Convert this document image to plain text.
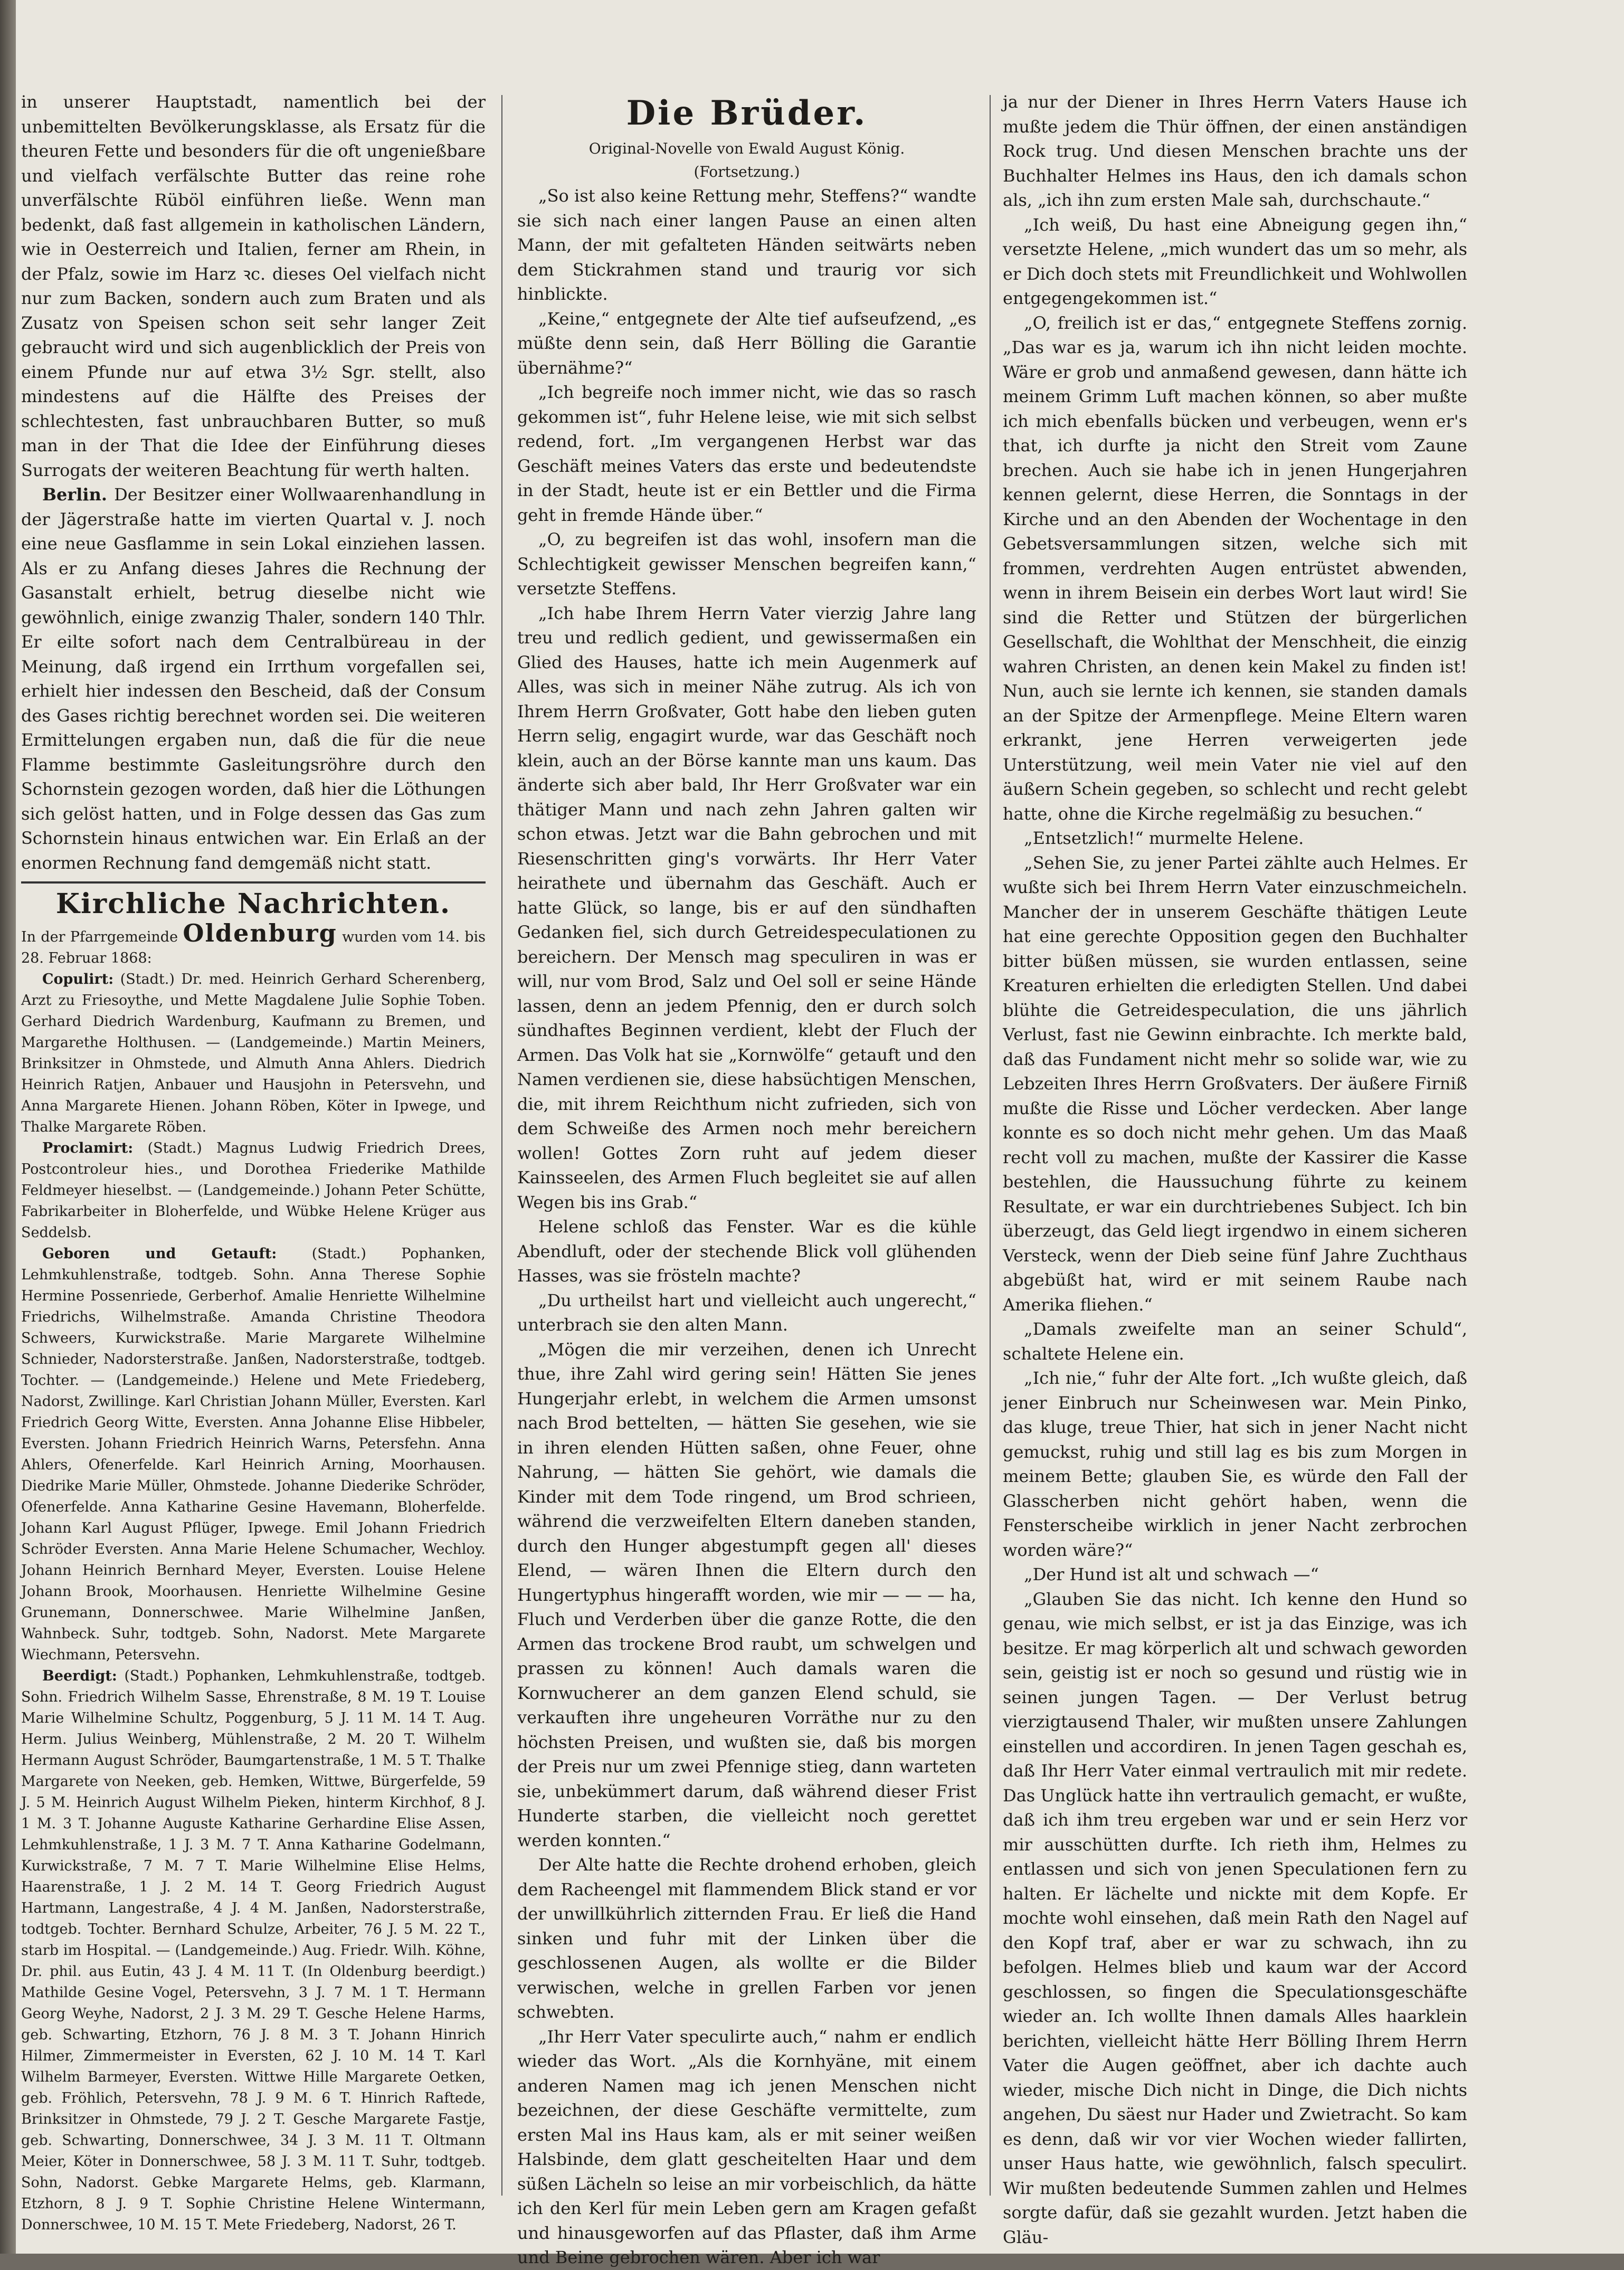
in unserer Hauptstadt, namentlich bei der unbemittelten Bevölkerungsklasse, als Ersatz für die theuren Fette und besonders für die oft ungenießbare und vielfach verfälschte Butter das reine rohe unverfälschte Rüböl einführen ließe. Wenn man bedenkt, daß fast allgemein in katholischen Ländern, wie in Oesterreich und Italien, ferner am Rhein, in der Pfalz, sowie im Harz ꝛc. dieses Oel vielfach nicht nur zum Backen, sondern auch zum Braten und als Zusatz von Speisen schon seit sehr langer Zeit gebraucht wird und sich augenblicklich der Preis von einem Pfunde nur auf etwa 3½ Sgr. stellt, also mindestens auf die Hälfte des Preises der schlechtesten, fast unbrauchbaren Butter, so muß man in der That die Idee der Einführung dieses Surrogats der weiteren Beachtung für werth halten.

Berlin. Der Besitzer einer Wollwaarenhandlung in der Jägerstraße hatte im vierten Quartal v. J. noch eine neue Gasflamme in sein Lokal einziehen lassen. Als er zu Anfang dieses Jahres die Rechnung der Gasanstalt erhielt, betrug dieselbe nicht wie gewöhnlich, einige zwanzig Thaler, sondern 140 Thlr. Er eilte sofort nach dem Centralbüreau in der Meinung, daß irgend ein Irrthum vorgefallen sei, erhielt hier indessen den Bescheid, daß der Consum des Gases richtig berechnet worden sei. Die weiteren Ermittelungen ergaben nun, daß die für die neue Flamme bestimmte Gasleitungsröhre durch den Schornstein gezogen worden, daß hier die Löthungen sich gelöst hatten, und in Folge dessen das Gas zum Schornstein hinaus entwichen war. Ein Erlaß an der enormen Rechnung fand demgemäß nicht statt.

Kirchliche Nachrichten.

In der Pfarrgemeinde Oldenburg wurden vom 14. bis 28. Februar 1868:

Copulirt: (Stadt.) Dr. med. Heinrich Gerhard Scherenberg, Arzt zu Friesoythe, und Mette Magdalene Julie Sophie Toben. Gerhard Diedrich Wardenburg, Kaufmann zu Bremen, und Margarethe Holthusen. — (Landgemeinde.) Martin Meiners, Brinksitzer in Ohmstede, und Almuth Anna Ahlers. Diedrich Heinrich Ratjen, Anbauer und Hausjohn in Petersvehn, und Anna Margarete Hienen. Johann Röben, Köter in Ipwege, und Thalke Margarete Röben.

Proclamirt: (Stadt.) Magnus Ludwig Friedrich Drees, Postcontroleur hies., und Dorothea Friederike Mathilde Feldmeyer hieselbst. — (Landgemeinde.) Johann Peter Schütte, Fabrikarbeiter in Bloherfelde, und Wübke Helene Krüger aus Seddelsb.

Geboren und Getauft: (Stadt.) Pophanken, Lehmkuhlenstraße, todtgeb. Sohn. Anna Therese Sophie Hermine Possenriede, Gerberhof. Amalie Henriette Wilhelmine Friedrichs, Wilhelmstraße. Amanda Christine Theodora Schweers, Kurwickstraße. Marie Margarete Wilhelmine Schnieder, Nadorsterstraße. Janßen, Nadorsterstraße, todtgeb. Tochter. — (Landgemeinde.) Helene und Mete Friedeberg, Nadorst, Zwillinge. Karl Christian Johann Müller, Eversten. Karl Friedrich Georg Witte, Eversten. Anna Johanne Elise Hibbeler, Eversten. Johann Friedrich Heinrich Warns, Petersfehn. Anna Ahlers, Ofenerfelde. Karl Heinrich Arning, Moorhausen. Diedrike Marie Müller, Ohmstede. Johanne Diederike Schröder, Ofenerfelde. Anna Katharine Gesine Havemann, Bloherfelde. Johann Karl August Pflüger, Ipwege. Emil Johann Friedrich Schröder Eversten. Anna Marie Helene Schumacher, Wechloy. Johann Heinrich Bernhard Meyer, Eversten. Louise Helene Johann Brook, Moorhausen. Henriette Wilhelmine Gesine Grunemann, Donnerschwee. Marie Wilhelmine Janßen, Wahnbeck. Suhr, todtgeb. Sohn, Nadorst. Mete Margarete Wiechmann, Petersvehn.

Beerdigt: (Stadt.) Pophanken, Lehmkuhlenstraße, todtgeb. Sohn. Friedrich Wilhelm Sasse, Ehrenstraße, 8 M. 19 T. Louise Marie Wilhelmine Schultz, Poggenburg, 5 J. 11 M. 14 T. Aug. Herm. Julius Weinberg, Mühlenstraße, 2 M. 20 T. Wilhelm Hermann August Schröder, Baumgartenstraße, 1 M. 5 T. Thalke Margarete von Neeken, geb. Hemken, Wittwe, Bürgerfelde, 59 J. 5 M. Heinrich August Wilhelm Pieken, hinterm Kirchhof, 8 J. 1 M. 3 T. Johanne Auguste Katharine Gerhardine Elise Assen, Lehmkuhlenstraße, 1 J. 3 M. 7 T. Anna Katharine Godelmann, Kurwickstraße, 7 M. 7 T. Marie Wilhelmine Elise Helms, Haarenstraße, 1 J. 2 M. 14 T. Georg Friedrich August Hartmann, Langestraße, 4 J. 4 M. Janßen, Nadorsterstraße, todtgeb. Tochter. Bernhard Schulze, Arbeiter, 76 J. 5 M. 22 T., starb im Hospital. — (Landgemeinde.) Aug. Friedr. Wilh. Köhne, Dr. phil. aus Eutin, 43 J. 4 M. 11 T. (In Oldenburg beerdigt.) Mathilde Gesine Vogel, Petersvehn, 3 J. 7 M. 1 T. Hermann Georg Weyhe, Nadorst, 2 J. 3 M. 29 T. Gesche Helene Harms, geb. Schwarting, Etzhorn, 76 J. 8 M. 3 T. Johann Hinrich Hilmer, Zimmermeister in Eversten, 62 J. 10 M. 14 T. Karl Wilhelm Barmeyer, Eversten. Wittwe Hille Margarete Oetken, geb. Fröhlich, Petersvehn, 78 J. 9 M. 6 T. Hinrich Raftede, Brinksitzer in Ohmstede, 79 J. 2 T. Gesche Margarete Fastje, geb. Schwarting, Donnerschwee, 34 J. 3 M. 11 T. Oltmann Meier, Köter in Donnerschwee, 58 J. 3 M. 11 T. Suhr, todtgeb. Sohn, Nadorst. Gebke Margarete Helms, geb. Klarmann, Etzhorn, 8 J. 9 T. Sophie Christine Helene Wintermann, Donnerschwee, 10 M. 15 T. Mete Friedeberg, Nadorst, 26 T.

Die Brüder.

Original-Novelle von Ewald August König.

(Fortsetzung.)

„So ist also keine Rettung mehr, Steffens?“ wandte sie sich nach einer langen Pause an einen alten Mann, der mit gefalteten Händen seitwärts neben dem Stickrahmen stand und traurig vor sich hinblickte.

„Keine,“ entgegnete der Alte tief aufseufzend, „es müßte denn sein, daß Herr Bölling die Garantie übernähme?“

„Ich begreife noch immer nicht, wie das so rasch gekommen ist“, fuhr Helene leise, wie mit sich selbst redend, fort. „Im vergangenen Herbst war das Geschäft meines Vaters das erste und bedeutendste in der Stadt, heute ist er ein Bettler und die Firma geht in fremde Hände über.“

„O, zu begreifen ist das wohl, insofern man die Schlechtigkeit gewisser Menschen begreifen kann,“ versetzte Steffens.

„Ich habe Ihrem Herrn Vater vierzig Jahre lang treu und redlich gedient, und gewissermaßen ein Glied des Hauses, hatte ich mein Augenmerk auf Alles, was sich in meiner Nähe zutrug. Als ich von Ihrem Herrn Großvater, Gott habe den lieben guten Herrn selig, engagirt wurde, war das Geschäft noch klein, auch an der Börse kannte man uns kaum. Das änderte sich aber bald, Ihr Herr Großvater war ein thätiger Mann und nach zehn Jahren galten wir schon etwas. Jetzt war die Bahn gebrochen und mit Riesenschritten ging's vorwärts. Ihr Herr Vater heirathete und übernahm das Geschäft. Auch er hatte Glück, so lange, bis er auf den sündhaften Gedanken fiel, sich durch Getreidespeculationen zu bereichern. Der Mensch mag speculiren in was er will, nur vom Brod, Salz und Oel soll er seine Hände lassen, denn an jedem Pfennig, den er durch solch sündhaftes Beginnen verdient, klebt der Fluch der Armen. Das Volk hat sie „Kornwölfe“ getauft und den Namen verdienen sie, diese habsüchtigen Menschen, die, mit ihrem Reichthum nicht zufrieden, sich von dem Schweiße des Armen noch mehr bereichern wollen! Gottes Zorn ruht auf jedem dieser Kainsseelen, des Armen Fluch begleitet sie auf allen Wegen bis ins Grab.“

Helene schloß das Fenster. War es die kühle Abendluft, oder der stechende Blick voll glühenden Hasses, was sie frösteln machte?

„Du urtheilst hart und vielleicht auch ungerecht,“ unterbrach sie den alten Mann.

„Mögen die mir verzeihen, denen ich Unrecht thue, ihre Zahl wird gering sein! Hätten Sie jenes Hungerjahr erlebt, in welchem die Armen umsonst nach Brod bettelten, — hätten Sie gesehen, wie sie in ihren elenden Hütten saßen, ohne Feuer, ohne Nahrung, — hätten Sie gehört, wie damals die Kinder mit dem Tode ringend, um Brod schrieen, während die verzweifelten Eltern daneben standen, durch den Hunger abgestumpft gegen all' dieses Elend, — wären Ihnen die Eltern durch den Hungertyphus hingerafft worden, wie mir — — — ha, Fluch und Verderben über die ganze Rotte, die den Armen das trockene Brod raubt, um schwelgen und prassen zu können! Auch damals waren die Kornwucherer an dem ganzen Elend schuld, sie verkauften ihre ungeheuren Vorräthe nur zu den höchsten Preisen, und wußten sie, daß bis morgen der Preis nur um zwei Pfennige stieg, dann warteten sie, unbekümmert darum, daß während dieser Frist Hunderte starben, die vielleicht noch gerettet werden konnten.“

Der Alte hatte die Rechte drohend erhoben, gleich dem Racheengel mit flammendem Blick stand er vor der unwillkührlich zitternden Frau. Er ließ die Hand sinken und fuhr mit der Linken über die geschlossenen Augen, als wollte er die Bilder verwischen, welche in grellen Farben vor jenen schwebten.

„Ihr Herr Vater speculirte auch,“ nahm er endlich wieder das Wort. „Als die Kornhyäne, mit einem anderen Namen mag ich jenen Menschen nicht bezeichnen, der diese Geschäfte vermittelte, zum ersten Mal ins Haus kam, als er mit seiner weißen Halsbinde, dem glatt gescheitelten Haar und dem süßen Lächeln so leise an mir vorbeischlich, da hätte ich den Kerl für mein Leben gern am Kragen gefaßt und hinausgeworfen auf das Pflaster, daß ihm Arme und Beine gebrochen wären. Aber ich war

ja nur der Diener in Ihres Herrn Vaters Hause ich mußte jedem die Thür öffnen, der einen anständigen Rock trug. Und diesen Menschen brachte uns der Buchhalter Helmes ins Haus, den ich damals schon als, „ich ihn zum ersten Male sah, durchschaute.“

„Ich weiß, Du hast eine Abneigung gegen ihn,“ versetzte Helene, „mich wundert das um so mehr, als er Dich doch stets mit Freundlichkeit und Wohlwollen entgegengekommen ist.“

„O, freilich ist er das,“ entgegnete Steffens zornig. „Das war es ja, warum ich ihn nicht leiden mochte. Wäre er grob und anmaßend gewesen, dann hätte ich meinem Grimm Luft machen können, so aber mußte ich mich ebenfalls bücken und verbeugen, wenn er's that, ich durfte ja nicht den Streit vom Zaune brechen. Auch sie habe ich in jenen Hungerjahren kennen gelernt, diese Herren, die Sonntags in der Kirche und an den Abenden der Wochentage in den Gebetsversammlungen sitzen, welche sich mit frommen, verdrehten Augen entrüstet abwenden, wenn in ihrem Beisein ein derbes Wort laut wird! Sie sind die Retter und Stützen der bürgerlichen Gesellschaft, die Wohlthat der Menschheit, die einzig wahren Christen, an denen kein Makel zu finden ist! Nun, auch sie lernte ich kennen, sie standen damals an der Spitze der Armenpflege. Meine Eltern waren erkrankt, jene Herren verweigerten jede Unterstützung, weil mein Vater nie viel auf den äußern Schein gegeben, so schlecht und recht gelebt hatte, ohne die Kirche regelmäßig zu besuchen.“

„Entsetzlich!“ murmelte Helene.

„Sehen Sie, zu jener Partei zählte auch Helmes. Er wußte sich bei Ihrem Herrn Vater einzuschmeicheln. Mancher der in unserem Geschäfte thätigen Leute hat eine gerechte Opposition gegen den Buchhalter bitter büßen müssen, sie wurden entlassen, seine Kreaturen erhielten die erledigten Stellen. Und dabei blühte die Getreidespeculation, die uns jährlich Verlust, fast nie Gewinn einbrachte. Ich merkte bald, daß das Fundament nicht mehr so solide war, wie zu Lebzeiten Ihres Herrn Großvaters. Der äußere Firniß mußte die Risse und Löcher verdecken. Aber lange konnte es so doch nicht mehr gehen. Um das Maaß recht voll zu machen, mußte der Kassirer die Kasse bestehlen, die Haussuchung führte zu keinem Resultate, er war ein durchtriebenes Subject. Ich bin überzeugt, das Geld liegt irgendwo in einem sicheren Versteck, wenn der Dieb seine fünf Jahre Zuchthaus abgebüßt hat, wird er mit seinem Raube nach Amerika fliehen.“

„Damals zweifelte man an seiner Schuld“, schaltete Helene ein.

„Ich nie,“ fuhr der Alte fort. „Ich wußte gleich, daß jener Einbruch nur Scheinwesen war. Mein Pinko, das kluge, treue Thier, hat sich in jener Nacht nicht gemuckst, ruhig und still lag es bis zum Morgen in meinem Bette; glauben Sie, es würde den Fall der Glasscherben nicht gehört haben, wenn die Fensterscheibe wirklich in jener Nacht zerbrochen worden wäre?“

„Der Hund ist alt und schwach —“

„Glauben Sie das nicht. Ich kenne den Hund so genau, wie mich selbst, er ist ja das Einzige, was ich besitze. Er mag körperlich alt und schwach geworden sein, geistig ist er noch so gesund und rüstig wie in seinen jungen Tagen. — Der Verlust betrug vierzigtausend Thaler, wir mußten unsere Zahlungen einstellen und accordiren. In jenen Tagen geschah es, daß Ihr Herr Vater einmal vertraulich mit mir redete. Das Unglück hatte ihn vertraulich gemacht, er wußte, daß ich ihm treu ergeben war und er sein Herz vor mir ausschütten durfte. Ich rieth ihm, Helmes zu entlassen und sich von jenen Speculationen fern zu halten. Er lächelte und nickte mit dem Kopfe. Er mochte wohl einsehen, daß mein Rath den Nagel auf den Kopf traf, aber er war zu schwach, ihn zu befolgen. Helmes blieb und kaum war der Accord geschlossen, so fingen die Speculationsgeschäfte wieder an. Ich wollte Ihnen damals Alles haarklein berichten, vielleicht hätte Herr Bölling Ihrem Herrn Vater die Augen geöffnet, aber ich dachte auch wieder, mische Dich nicht in Dinge, die Dich nichts angehen, Du säest nur Hader und Zwietracht. So kam es denn, daß wir vor vier Wochen wieder fallirten, unser Haus hatte, wie gewöhnlich, falsch speculirt. Wir mußten bedeutende Summen zahlen und Helmes sorgte dafür, daß sie gezahlt wurden. Jetzt haben die Gläu-
